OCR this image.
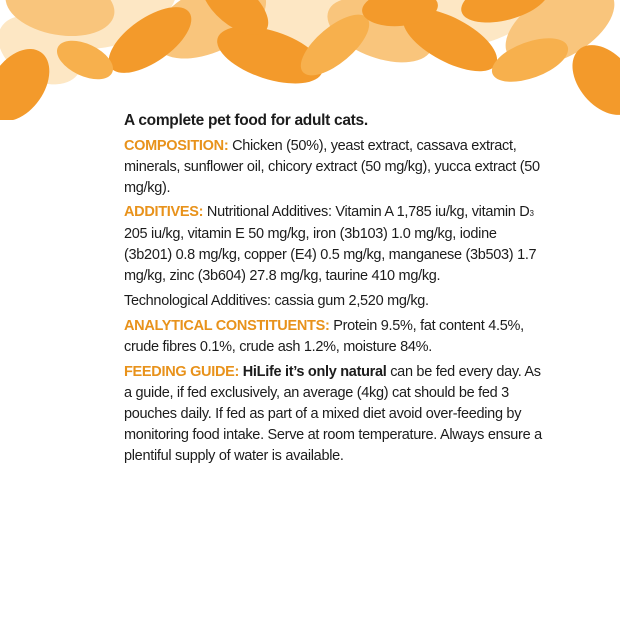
A complete pet food for adult cats.

COMPOSITION: Chicken (50%), yeast extract, cassava extract, minerals, sunflower oil, chicory extract (50 mg/kg), yucca extract (50 mg/kg).

ADDITIVES: Nutritional Additives: Vitamin A 1,785 iu/kg, vitamin D3 205 iu/kg, vitamin E 50 mg/kg, iron (3b103) 1.0 mg/kg, iodine (3b201) 0.8 mg/kg, copper (E4) 0.5 mg/kg, manganese (3b503) 1.7 mg/kg, zinc (3b604) 27.8 mg/kg, taurine 410 mg/kg.

Technological Additives: cassia gum 2,520 mg/kg.

ANALYTICAL CONSTITUENTS: Protein 9.5%, fat content 4.5%, crude fibres 0.1%, crude ash 1.2%, moisture 84%.

FEEDING GUIDE: HiLife it’s only natural can be fed every day. As a guide, if fed exclusively, an average (4kg) cat should be fed 3 pouches daily. If fed as part of a mixed diet avoid over-feeding by monitoring food intake. Serve at room temperature. Always ensure a plentiful supply of water is available.
